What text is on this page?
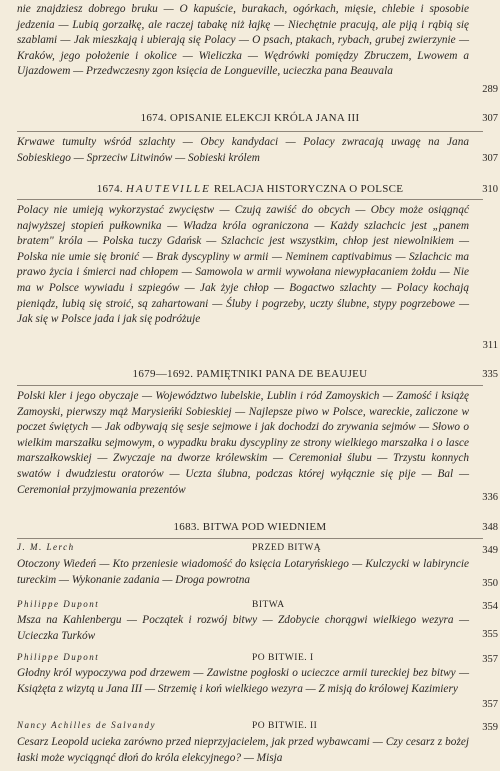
nie znajdziesz dobrego bruku — O kapuście, burakach, ogórkach, mięsie, chlebie i sposobie jedzenia — Lubią gorzałkę, ale raczej tabakę niż łajkę — Niechętnie pracują, ale piją i rąbią się szablami — Jak mieszkają i ubierają się Polacy — O psach, ptakach, rybach, grubej zwierzynie — Kraków, jego położenie i okolice — Wieliczka — Wędrówki pomiędzy Zbruczem, Lwowem a Ujazdowem — Przedwczesny zgon księcia de Longueville, ucieczka pana Beauvala

289
1674. OPISANIE ELEKCJI KRÓLA JANA III	307

Krwawe tumulty wśród szlachty — Obcy kandydaci — Polacy zwracają uwagę na Jana Sobieskiego — Sprzeciw Litwinów — Sobieski królem	307
1674. HAUTEVILLE RELACJA HISTORYCZNA O POLSCE	310

Polacy nie umieją wykorzystać zwycięstw — Czują zawiść do obcych — Obcy może osiągnąć najwyższej stopień pułkownika — Władza króla ograniczona — Każdy szlachcic jest „panem bratem" króla — Polska tuczy Gdańsk — Szlachcic jest wszystkim, chłop jest niewolnikiem — Polska nie umie się bronić — Brak dyscypliny w armii — Neminem captivabimus — Szlachcic ma prawo życia i śmierci nad chłopem — Samowola w armii wywołana niewypłacaniem żołdu — Nie ma w Polsce wywiadu i szpiegów — Jak żyje chłop — Bogactwo szlachty — Polacy kochają pieniądz, lubią się stroić, są zahartowani — Śluby i pogrzeby, uczty ślubne, stypy pogrzebowe — Jak się w Polsce jada i jak się podróżuje

311
1679—1692. PAMIĘTNIKI PANA DE BEAUJEU	335

Polski kler i jego obyczaje — Województwo lubelskie, Lublin i ród Zamoyskich — Zamość i książę Zamoyski, pierwszy mąż Marysieńki Sobieskiej — Najlepsze piwo w Polsce, wareckie, zaliczone w poczet świętych — Jak odbywają się sesje sejmowe i jak dochodzi do zrywania sejmów — Słowo o wielkim marszałku sejmowym, o wypadku braku dyscypliny ze strony wielkiego marszałka i o lasce marszałkowskiej — Zwyczaje na dworze królewskim — Ceremoniał ślubu — Trzystu konnych swatów i dwudziestu oratorów — Uczta ślubna, podczas której wyłącznie się pije — Bal — Ceremoniał przyjmowania prezentów

336
1683. BITWA POD WIEDNIEM	348
J. M. Lerch	PRZED BITWĄ	349

Otoczony Wiedeń — Kto przeniesie wiadomość do księcia Lotaryńskiego — Kulczycki w labiryncie tureckim — Wykonanie zadania — Droga powrotna	350
Philippe Dupont	BITWA	354

Msza na Kahlenbergu — Początek i rozwój bitwy — Zdobycie chorągwi wielkiego wezyra — Ucieczka Turków	355
Philippe Dupont	PO BITWIE. I	357

Głodny król wypoczywa pod drzewem — Zawistne pogłoski o ucieczce armii tureckiej bez bitwy — Książęta z wizytą u Jana III — Strzemię i koń wielkiego wezyra — Z misją do królowej Kazimiery

357
Nancy Achilles de Salvandy	PO BITWIE. II	359

Cesarz Leopold ucieka zarówno przed nieprzyjacielem, jak przed wybawcami — Czy cesarz z bożej łaski może wyciągnąć dłoń do króla elekcyjnego? — Misja
